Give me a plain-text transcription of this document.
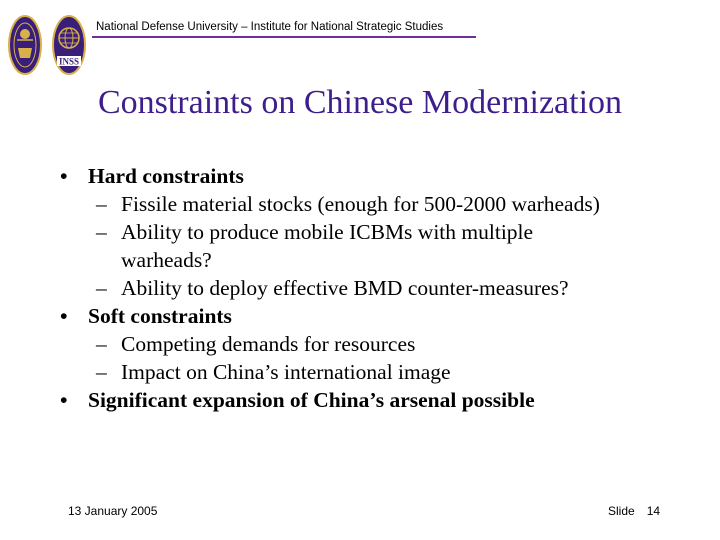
INSS
National Defense University – Institute for National Strategic Studies
Constraints on Chinese Modernization
• Hard constraints
– Fissile material stocks (enough for 500-2000 warheads)
– Ability to produce mobile ICBMs with multiple warheads?
– Ability to deploy effective BMD counter-measures?
• Soft constraints
– Competing demands for resources
– Impact on China’s international image
• Significant expansion of China’s arsenal possible
13 January 2005	Slide 14
